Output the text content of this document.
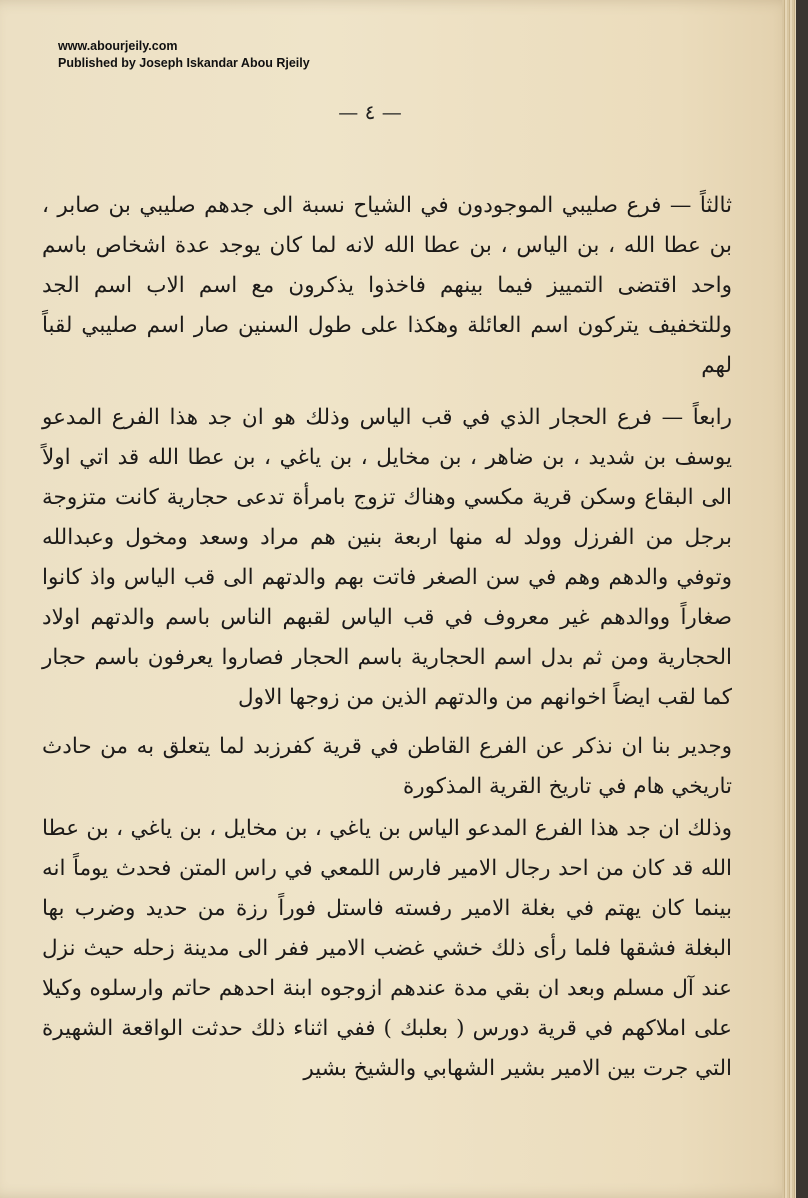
www.abourjeily.com
Published by Joseph Iskandar Abou Rjeily
— ٤ —

ثالثاً — فرع صليبي الموجودون في الشياح نسبة الى جدهم صليبي بن صابر ، بن عطا الله ، بن الياس ، بن عطا الله لانه لما كان يوجد عدة اشخاص باسم واحد اقتضى التمييز فيما بينهم فاخذوا يذكرون مع اسم الاب اسم الجد وللتخفيف يتركون اسم العائلة وهكذا على طول السنين صار اسم صليبي لقباً لهم

رابعاً — فرع الحجار الذي في قب الياس وذلك هو ان جد هذا الفرع المدعو يوسف بن شديد ، بن ضاهر ، بن مخايل ، بن ياغي ، بن عطا الله قد اتي اولاً الى البقاع وسكن قرية مكسي وهناك تزوج بامرأة تدعى حجارية كانت متزوجة برجل من الفرزل وولد له منها اربعة بنين هم مراد وسعد ومخول وعبدالله وتوفي والدهم وهم في سن الصغر فاتت بهم والدتهم الى قب الياس واذ كانوا صغاراً ووالدهم غير معروف في قب الياس لقبهم الناس باسم والدتهم اولاد الحجارية ومن ثم بدل اسم الحجارية باسم الحجار فصاروا يعرفون باسم حجار كما لقب ايضاً اخوانهم من والدتهم الذين من زوجها الاول

وجدير بنا ان نذكر عن الفرع القاطن في قرية كفرزبد لما يتعلق به من حادث تاريخي هام في تاريخ القرية المذكورة

وذلك ان جد هذا الفرع المدعو الياس بن ياغي ، بن مخايل ، بن ياغي ، بن عطا الله قد كان من احد رجال الامير فارس اللمعي في راس المتن فحدث يوماً انه بينما كان يهتم في بغلة الامير رفسته فاستل فوراً رزة من حديد وضرب بها البغلة فشقها فلما رأى ذلك خشي غضب الامير ففر الى مدينة زحله حيث نزل عند آل مسلم وبعد ان بقي مدة عندهم ازوجوه ابنة احدهم حاتم وارسلوه وكيلا على املاكهم في قرية دورس ( بعلبك ) ففي اثناء ذلك حدثت الواقعة الشهيرة التي جرت بين الامير بشير الشهابي والشيخ بشير
